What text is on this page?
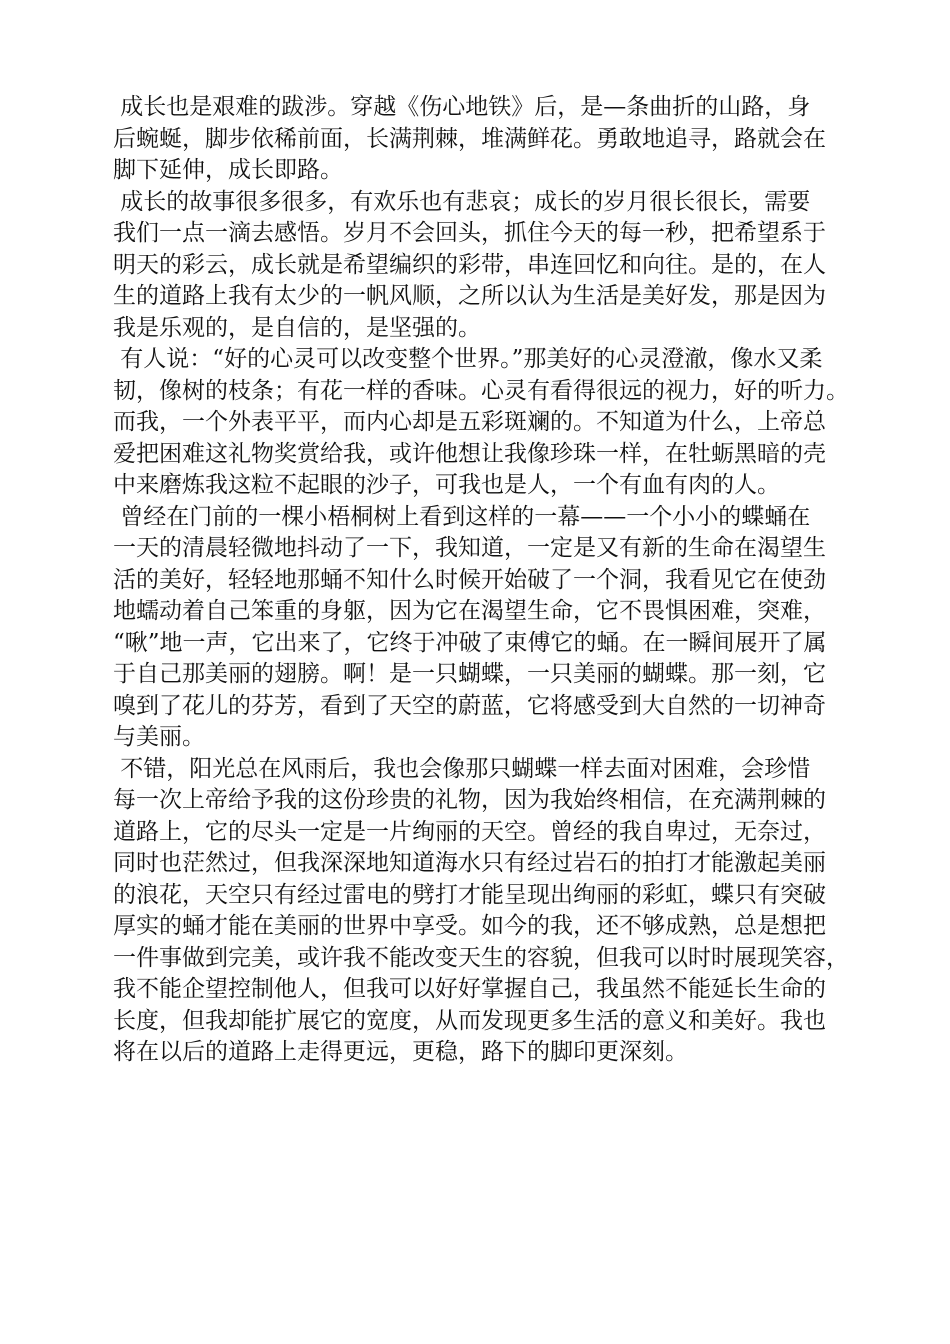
成长也是艰难的跋涉。穿越《伤心地铁》后，是—条曲折的山路，身
后蜿蜒，脚步依稀前面，长满荆棘，堆满鲜花。勇敢地追寻，路就会在
脚下延伸，成长即路。
成长的故事很多很多，有欢乐也有悲哀；成长的岁月很长很长，需要
我们一点一滴去感悟。岁月不会回头，抓住今天的每一秒，把希望系于
明天的彩云，成长就是希望编织的彩带，串连回忆和向往。是的，在人
生的道路上我有太少的一帆风顺，之所以认为生活是美好发，那是因为
我是乐观的，是自信的，是坚强的。
有人说：“好的心灵可以改变整个世界。”那美好的心灵澄澈，像水又柔
韧，像树的枝条；有花一样的香味。心灵有看得很远的视力，好的听力。
而我，一个外表平平，而内心却是五彩斑斓的。不知道为什么，上帝总
爱把困难这礼物奖赏给我，或许他想让我像珍珠一样，在牡蛎黑暗的壳
中来磨炼我这粒不起眼的沙子，可我也是人，一个有血有肉的人。
曾经在门前的一棵小梧桐树上看到这样的一幕——一个小小的蝶蛹在
一天的清晨轻微地抖动了一下，我知道，一定是又有新的生命在渴望生
活的美好，轻轻地那蛹不知什么时候开始破了一个洞，我看见它在使劲
地蠕动着自己笨重的身躯，因为它在渴望生命，它不畏惧困难，突难，
“啾”地一声，它出来了，它终于冲破了束傅它的蛹。在一瞬间展开了属
于自己那美丽的翅膀。啊！是一只蝴蝶，一只美丽的蝴蝶。那一刻，它
嗅到了花儿的芬芳，看到了天空的蔚蓝，它将感受到大自然的一切神奇
与美丽。
不错，阳光总在风雨后，我也会像那只蝴蝶一样去面对困难，会珍惜
每一次上帝给予我的这份珍贵的礼物，因为我始终相信，在充满荆棘的
道路上，它的尽头一定是一片绚丽的天空。曾经的我自卑过，无奈过，
同时也茫然过，但我深深地知道海水只有经过岩石的拍打才能激起美丽
的浪花，天空只有经过雷电的劈打才能呈现出绚丽的彩虹，蝶只有突破
厚实的蛹才能在美丽的世界中享受。如今的我，还不够成熟，总是想把
一件事做到完美，或许我不能改变天生的容貌，但我可以时时展现笑容，
我不能企望控制他人，但我可以好好掌握自己，我虽然不能延长生命的
长度，但我却能扩展它的宽度，从而发现更多生活的意义和美好。我也
将在以后的道路上走得更远，更稳，路下的脚印更深刻。
